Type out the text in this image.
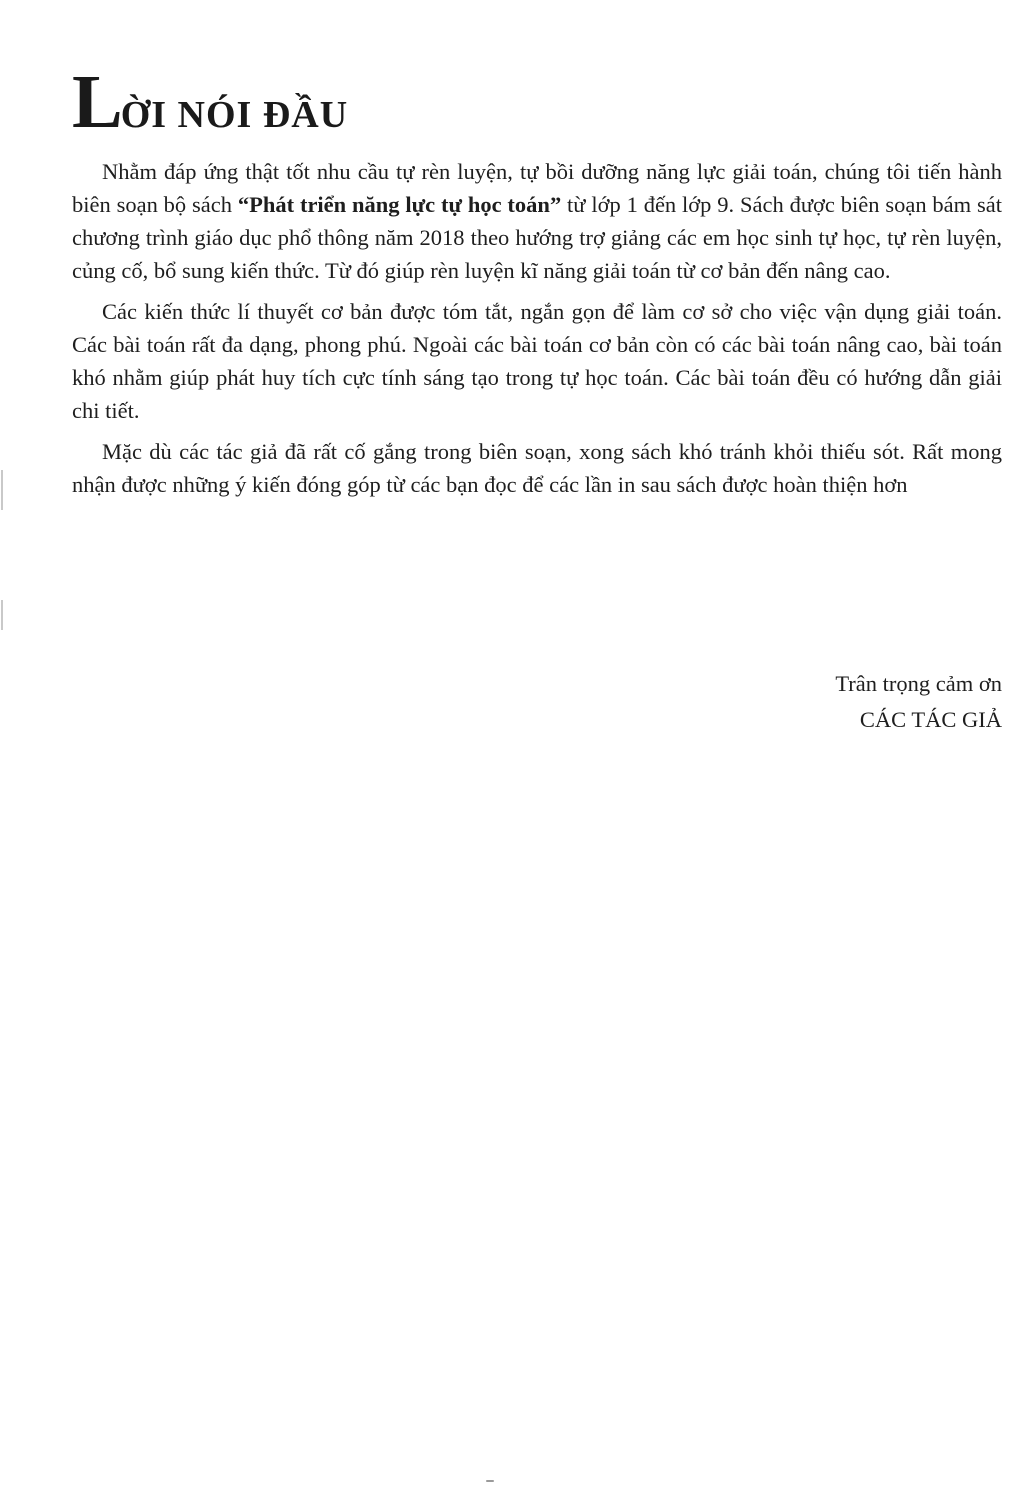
LỜI NÓI ĐẦU

Nhằm đáp ứng thật tốt nhu cầu tự rèn luyện, tự bồi dưỡng năng lực giải toán, chúng tôi tiến hành biên soạn bộ sách “Phát triển năng lực tự học toán” từ lớp 1 đến lớp 9. Sách được biên soạn bám sát chương trình giáo dục phổ thông năm 2018 theo hướng trợ giảng các em học sinh tự học, tự rèn luyện, củng cố, bổ sung kiến thức. Từ đó giúp rèn luyện kĩ năng giải toán từ cơ bản đến nâng cao.

Các kiến thức lí thuyết cơ bản được tóm tắt, ngắn gọn để làm cơ sở cho việc vận dụng giải toán. Các bài toán rất đa dạng, phong phú. Ngoài các bài toán cơ bản còn có các bài toán nâng cao, bài toán khó nhằm giúp phát huy tích cực tính sáng tạo trong tự học toán. Các bài toán đều có hướng dẫn giải chi tiết.

Mặc dù các tác giả đã rất cố gắng trong biên soạn, xong sách khó tránh khỏi thiếu sót. Rất mong nhận được những ý kiến đóng góp từ các bạn đọc để các lần in sau sách được hoàn thiện hơn

Trân trọng cảm ơn
CÁC TÁC GIẢ
